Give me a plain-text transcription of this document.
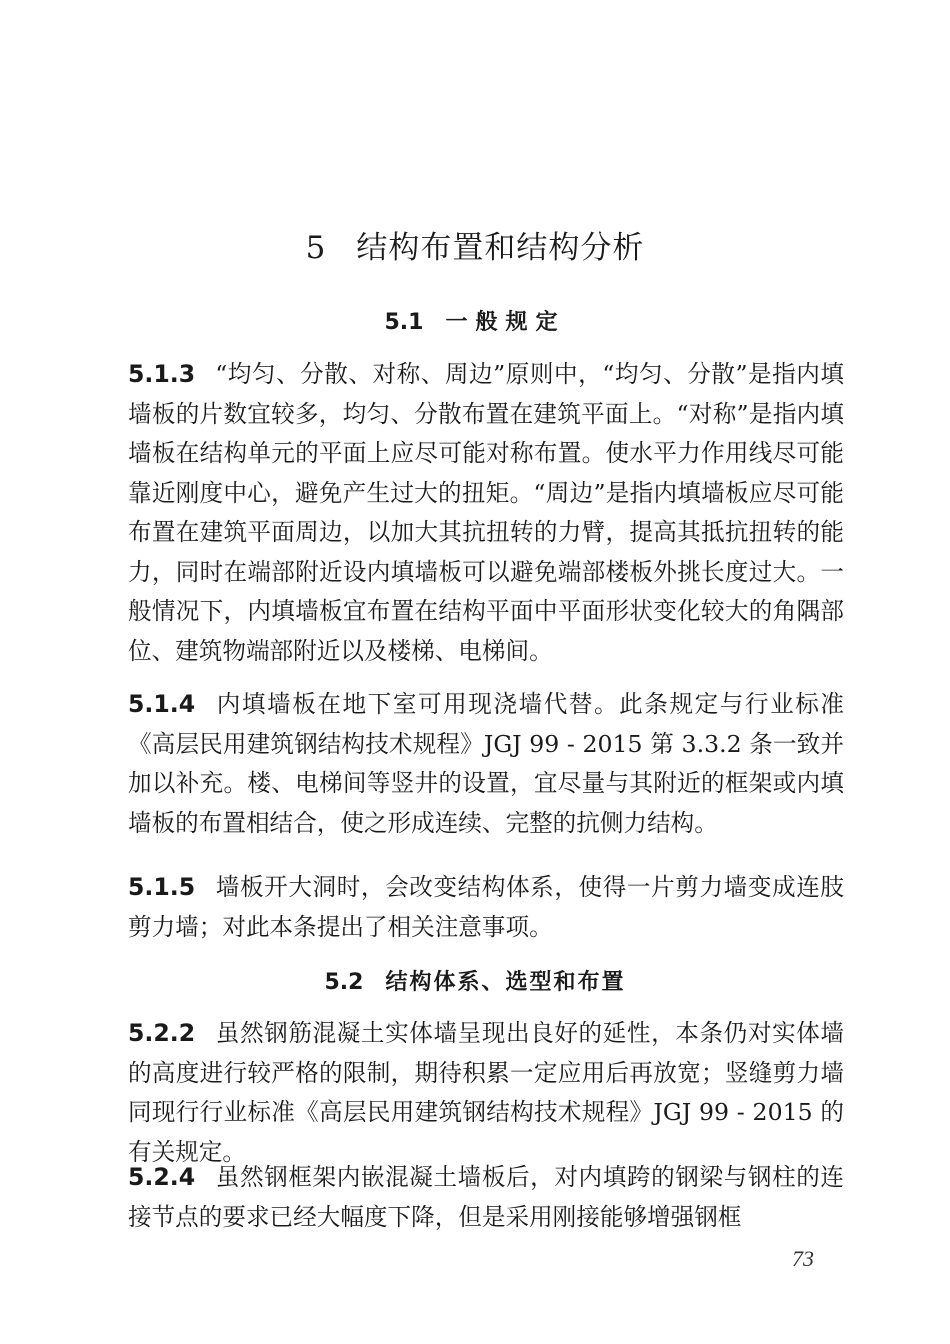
5 结构布置和结构分析
5.1 一般规定
5.1.3 “均匀、分散、对称、周边”原则中，“均匀、分散”是指内填墙板的片数宜较多，均匀、分散布置在建筑平面上。“对称”是指内填墙板在结构单元的平面上应尽可能对称布置。使水平力作用线尽可能靠近刚度中心，避免产生过大的扭矩。“周边”是指内填墙板应尽可能布置在建筑平面周边，以加大其抗扭转的力臂，提高其抵抗扭转的能力，同时在端部附近设内填墙板可以避免端部楼板外挑长度过大。一般情况下，内填墙板宜布置在结构平面中平面形状变化较大的角隅部位、建筑物端部附近以及楼梯、电梯间。
5.1.4 内填墙板在地下室可用现浇墙代替。此条规定与行业标准《高层民用建筑钢结构技术规程》JGJ 99 - 2015 第 3.3.2 条一致并加以补充。楼、电梯间等竖井的设置，宜尽量与其附近的框架或内填墙板的布置相结合，使之形成连续、完整的抗侧力结构。
5.1.5 墙板开大洞时，会改变结构体系，使得一片剪力墙变成连肢剪力墙；对此本条提出了相关注意事项。
5.2 结构体系、选型和布置
5.2.2 虽然钢筋混凝土实体墙呈现出良好的延性，本条仍对实体墙的高度进行较严格的限制，期待积累一定应用后再放宽；竖缝剪力墙同现行行业标准《高层民用建筑钢结构技术规程》JGJ 99 - 2015 的有关规定。
5.2.4 虽然钢框架内嵌混凝土墙板后，对内填跨的钢梁与钢柱的连接节点的要求已经大幅度下降，但是采用刚接能够增强钢框
73
